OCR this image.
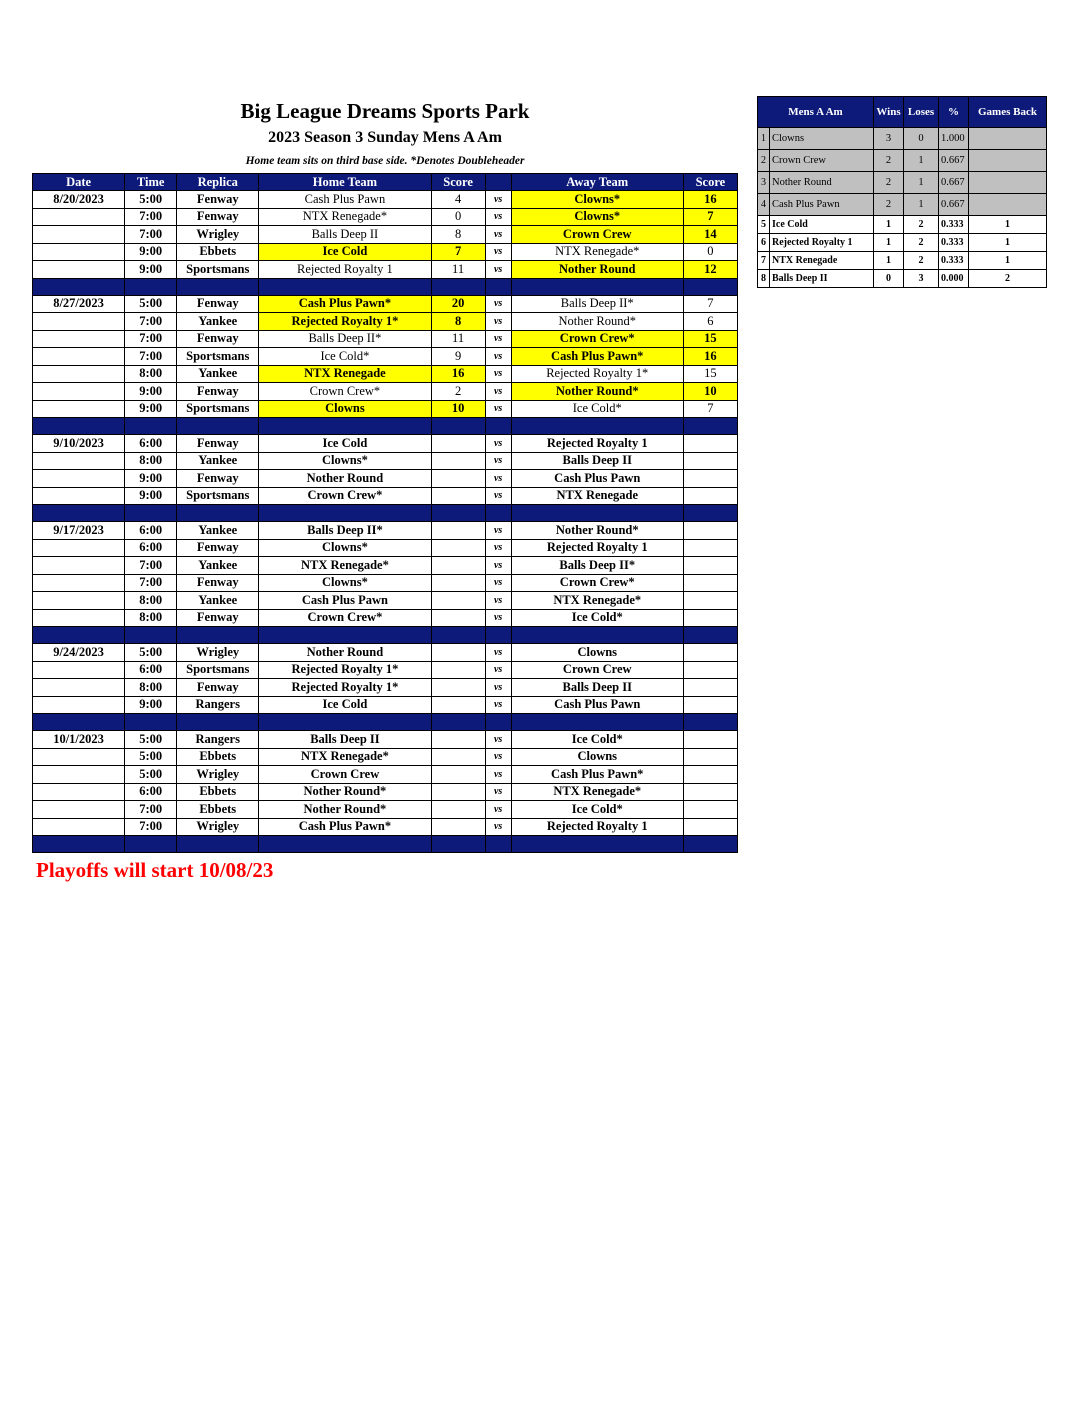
Big League Dreams Sports Park
2023 Season 3 Sunday Mens A Am
Home team sits on third base side. *Denotes Doubleheader
Date	Time	Replica	Home Team	Score		Away Team	Score
8/20/2023	5:00	Fenway	Cash Plus Pawn	4	vs	Clowns*	16
	7:00	Fenway	NTX Renegade*	0	vs	Clowns*	7
	7:00	Wrigley	Balls Deep II	8	vs	Crown Crew	14
	9:00	Ebbets	Ice Cold	7	vs	NTX Renegade*	0
	9:00	Sportsmans	Rejected Royalty 1	11	vs	Nother Round	12

8/27/2023	5:00	Fenway	Cash Plus Pawn*	20	vs	Balls Deep II*	7
	7:00	Yankee	Rejected Royalty 1*	8	vs	Nother Round*	6
	7:00	Fenway	Balls Deep II*	11	vs	Crown Crew*	15
	7:00	Sportsmans	Ice Cold*	9	vs	Cash Plus Pawn*	16
	8:00	Yankee	NTX Renegade	16	vs	Rejected Royalty 1*	15
	9:00	Fenway	Crown Crew*	2	vs	Nother Round*	10
	9:00	Sportsmans	Clowns	10	vs	Ice Cold*	7

9/10/2023	6:00	Fenway	Ice Cold		vs	Rejected Royalty 1	
	8:00	Yankee	Clowns*		vs	Balls Deep II	
	9:00	Fenway	Nother Round		vs	Cash Plus Pawn	
	9:00	Sportsmans	Crown Crew*		vs	NTX Renegade	

9/17/2023	6:00	Yankee	Balls Deep II*		vs	Nother Round*	
	6:00	Fenway	Clowns*		vs	Rejected Royalty 1	
	7:00	Yankee	NTX Renegade*		vs	Balls Deep II*	
	7:00	Fenway	Clowns*		vs	Crown Crew*	
	8:00	Yankee	Cash Plus Pawn		vs	NTX Renegade*	
	8:00	Fenway	Crown Crew*		vs	Ice Cold*	

9/24/2023	5:00	Wrigley	Nother Round		vs	Clowns	
	6:00	Sportsmans	Rejected Royalty 1*		vs	Crown Crew	
	8:00	Fenway	Rejected Royalty 1*		vs	Balls Deep II	
	9:00	Rangers	Ice Cold		vs	Cash Plus Pawn	

10/1/2023	5:00	Rangers	Balls Deep II		vs	Ice Cold*	
	5:00	Ebbets	NTX Renegade*		vs	Clowns	
	5:00	Wrigley	Crown Crew		vs	Cash Plus Pawn*	
	6:00	Ebbets	Nother Round*		vs	NTX Renegade*	
	7:00	Ebbets	Nother Round*		vs	Ice Cold*	
	7:00	Wrigley	Cash Plus Pawn*		vs	Rejected Royalty 1	

Mens A Am		Wins	Loses	%	Games Back
1	Clowns	3	0	1.000	
2	Crown Crew	2	1	0.667	
3	Nother Round	2	1	0.667	
4	Cash Plus Pawn	2	1	0.667	
5	Ice Cold	1	2	0.333	1
6	Rejected Royalty 1	1	2	0.333	1
7	NTX Renegade	1	2	0.333	1
8	Balls Deep II	0	3	0.000	2
Playoffs will start 10/08/23
